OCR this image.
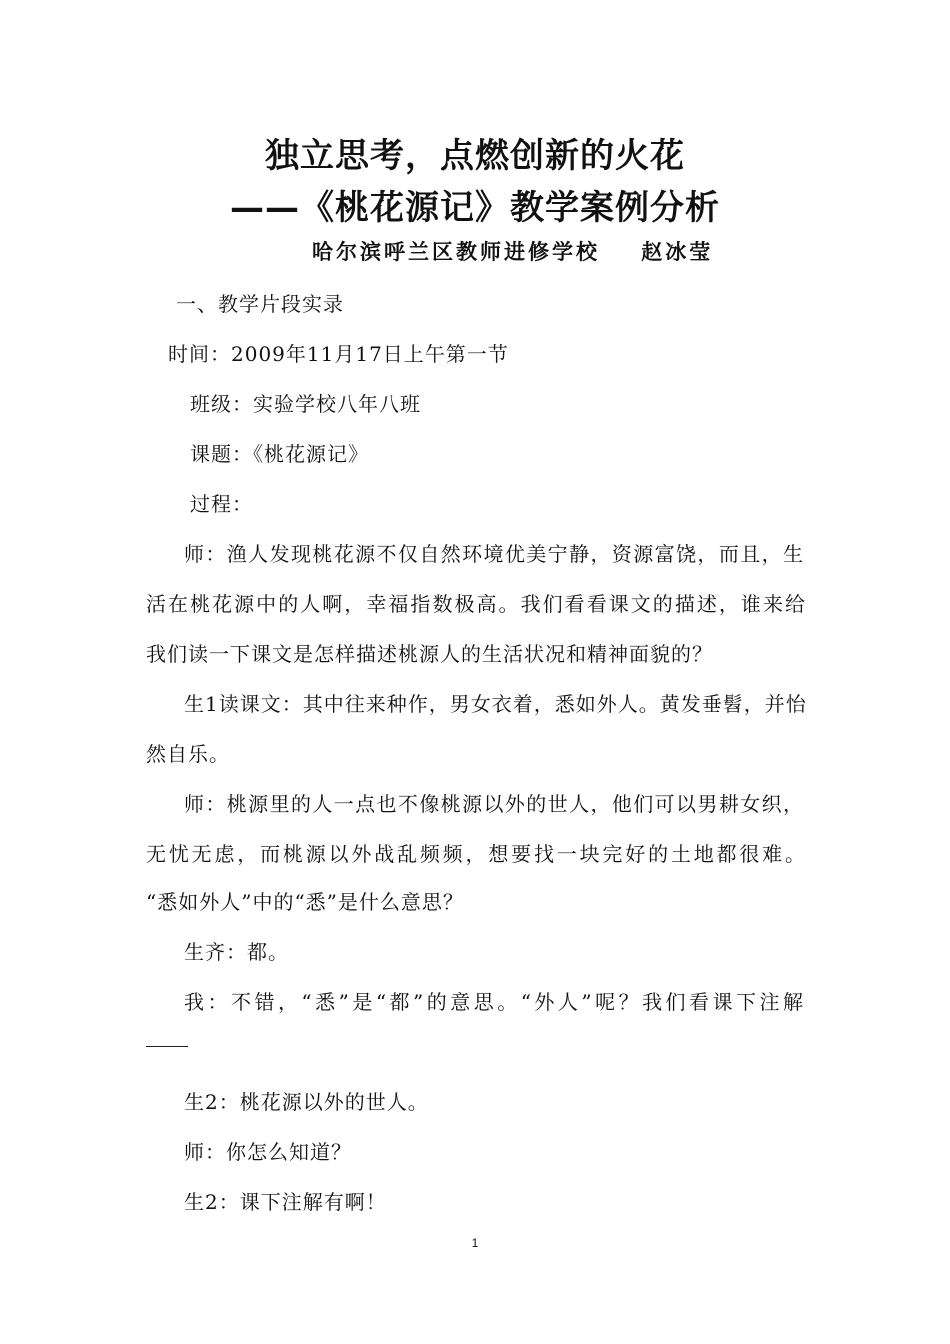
独立思考，点燃创新的火花
——《桃花源记》教学案例分析
哈尔滨呼兰区教师进修学校    赵冰莹
一、教学片段实录
时间：2009年11月17日上午第一节
班级：实验学校八年八班
课题：《桃花源记》
过程：
师：渔人发现桃花源不仅自然环境优美宁静，资源富饶，而且，生
活在桃花源中的人啊，幸福指数极高。我们看看课文的描述，谁来给
我们读一下课文是怎样描述桃源人的生活状况和精神面貌的？
生1读课文：其中往来种作，男女衣着，悉如外人。黄发垂髫，并怡
然自乐。
师：桃源里的人一点也不像桃源以外的世人，他们可以男耕女织，
无忧无虑，而桃源以外战乱频频，想要找一块完好的土地都很难。
“悉如外人”中的“悉”是什么意思？
生齐：都。
我：不错，“悉”是“都”的意思。“外人”呢？我们看课下注解
生2：桃花源以外的世人。
师：你怎么知道？
生2：课下注解有啊！
1
